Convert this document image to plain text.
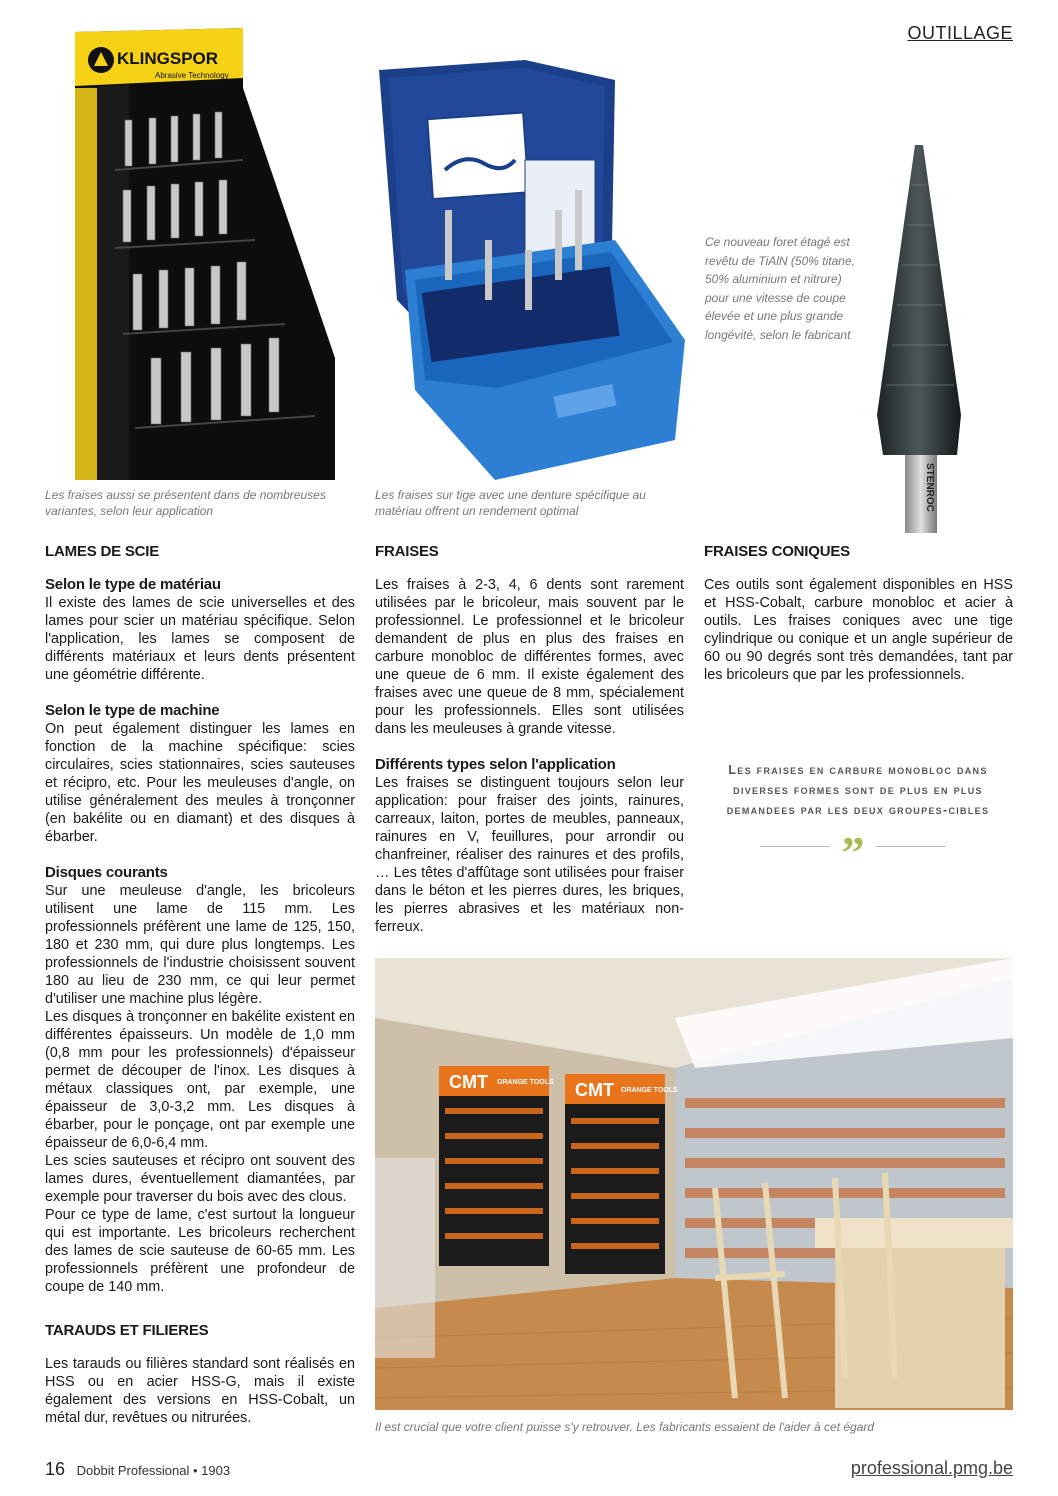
OUTILLAGE
KLINGSPOR
Abrasive Technology
Les fraises aussi se présentent dans de nombreuses variantes, selon leur application
PFERD
Les fraises sur tige avec une denture spécifique au matériau offrent un rendement optimal
Ce nouveau foret étagé est revêtu de TiAlN (50% titane, 50% aluminium et nitrure) pour une vitesse de coupe élevée et une plus grande longévité, selon le fabricant
STENROC
LAMES DE SCIE
Selon le type de matériau

Il existe des lames de scie universelles et des lames pour scier un matériau spécifique. Selon l'application, les lames se composent de différents matériaux et leurs dents présentent une géométrie différente.

Selon le type de machine

On peut également distinguer les lames en fonction de la machine spécifique: scies circulaires, scies stationnaires, scies sauteuses et récipro, etc. Pour les meuleuses d'angle, on utilise généralement des meules à tronçonner (en bakélite ou en diamant) et des disques à ébarber.

Disques courants

Sur une meuleuse d'angle, les bricoleurs utilisent une lame de 115 mm. Les professionnels préfèrent une lame de 125, 150, 180 et 230 mm, qui dure plus longtemps. Les professionnels de l'industrie choisissent souvent 180 au lieu de 230 mm, ce qui leur permet d'utiliser une machine plus légère.

Les disques à tronçonner en bakélite existent en différentes épaisseurs. Un modèle de 1,0 mm (0,8 mm pour les professionnels) d'épaisseur permet de découper de l'inox. Les disques à métaux classiques ont, par exemple, une épaisseur de 3,0-3,2 mm. Les disques à ébarber, pour le ponçage, ont par exemple une épaisseur de 6,0-6,4 mm.

Les scies sauteuses et récipro ont souvent des lames dures, éventuellement diamantées, par exemple pour traverser du bois avec des clous.

Pour ce type de lame, c'est surtout la longueur qui est importante. Les bricoleurs recherchent des lames de scie sauteuse de 60-65 mm. Les professionnels préfèrent une profondeur de coupe de 140 mm.

TARAUDS ET FILIERES

Les tarauds ou filières standard sont réalisés en HSS ou en acier HSS-G, mais il existe également des versions en HSS-Cobalt, un métal dur, revêtues ou nitrurées.

FRAISES

Les fraises à 2-3, 4, 6 dents sont rarement utilisées par le bricoleur, mais souvent par le professionnel. Le professionnel et le bricoleur demandent de plus en plus des fraises en carbure monobloc de différentes formes, avec une queue de 6 mm. Il existe également des fraises avec une queue de 8 mm, spécialement pour les professionnels. Elles sont utilisées dans les meuleuses à grande vitesse.

Différents types selon l'application

Les fraises se distinguent toujours selon leur application: pour fraiser des joints, rainures, carreaux, laiton, portes de meubles, panneaux, rainures en V, feuillures, pour arrondir ou chanfreiner, réaliser des rainures et des profils, … Les têtes d'affûtage sont utilisées pour fraiser dans le béton et les pierres dures, les briques, les pierres abrasives et les matériaux non-ferreux.

FRAISES CONIQUES

Ces outils sont également disponibles en HSS et HSS-Cobalt, carbure monobloc et acier à outils. Les fraises coniques avec une tige cylindrique ou conique et un angle supérieur de 60 ou 90 degrés sont très demandées, tant par les bricoleurs que par les professionnels.

Les fraises en carbure monobloc dans diverses formes sont de plus en plus demandees par les deux groupes-cibles
”
CMT ORANGE TOOLS CMT ORANGE TOOLS
Il est crucial que votre client puisse s'y retrouver. Les fabricants essaient de l'aider à cet égard
16 Dobbit Professional • 1903	professional.pmg.be
